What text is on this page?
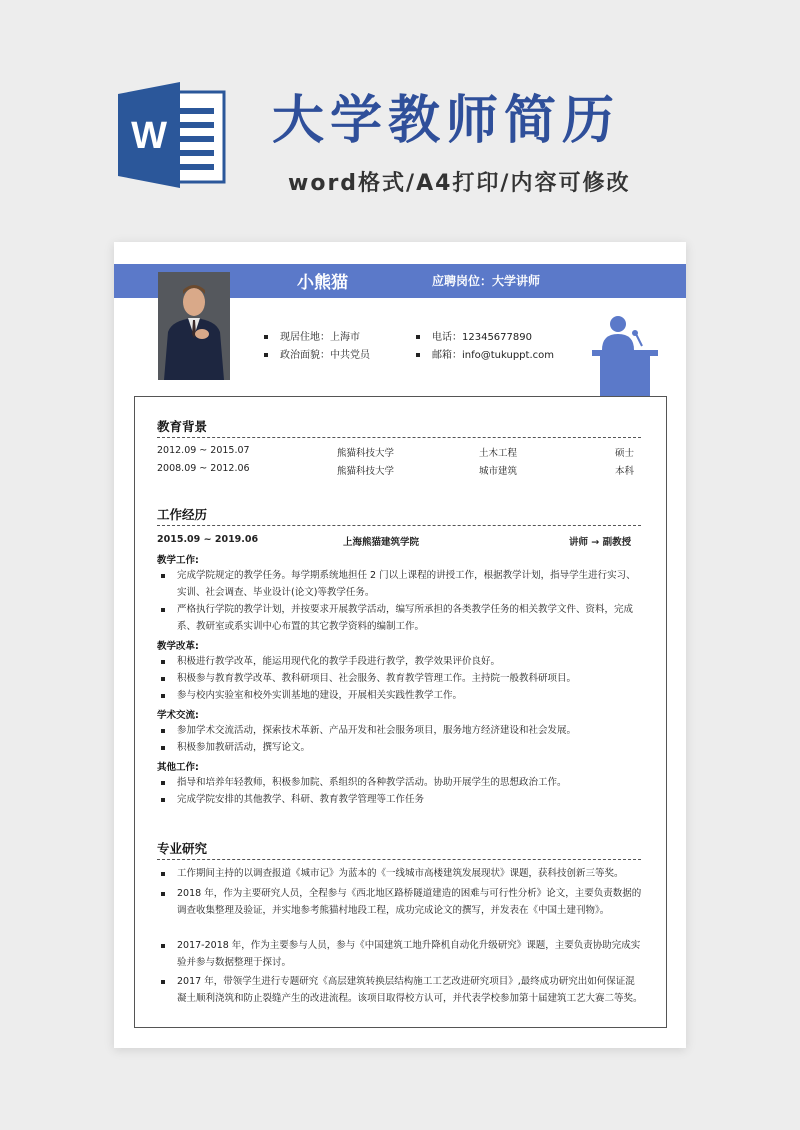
W 大学教师简历
word格式/A4打印/内容可修改
小熊猫	应聘岗位：大学讲师
现居住地：上海市
政治面貌：中共党员
电话：12345677890
邮箱：info@tukuppt.com
教育背景
2012.09 ~ 2015.07	熊猫科技大学	土木工程	硕士
2008.09 ~ 2012.06	熊猫科技大学	城市建筑	本科
工作经历
2015.09 ~ 2019.06	上海熊猫建筑学院	讲师 → 副教授
教学工作:
完成学院规定的教学任务。每学期系统地担任 2 门以上课程的讲授工作，根据教学计划，指导学生进行实习、实训、社会调查、毕业设计(论文)等教学任务。
严格执行学院的教学计划，并按要求开展教学活动，编写所承担的各类教学任务的相关教学文件、资料，完成系、教研室或系实训中心布置的其它教学资料的编制工作。
教学改革:
积极进行教学改革，能运用现代化的教学手段进行教学，教学效果评价良好。
积极参与教育教学改革、教科研项目、社会服务、教育教学管理工作。主持院一般教科研项目。
参与校内实验室和校外实训基地的建设，开展相关实践性教学工作。
学术交流:
参加学术交流活动，探索技术革新、产品开发和社会服务项目，服务地方经济建设和社会发展。
积极参加教研活动，撰写论文。
其他工作:
指导和培养年轻教师，积极参加院、系组织的各种教学活动。协助开展学生的思想政治工作。
完成学院安排的其他教学、科研、教育教学管理等工作任务
专业研究
工作期间主持的以调查报道《城市记》为蓝本的《一线城市高楼建筑发展现状》课题，获科技创新三等奖。
2018 年，作为主要研究人员，全程参与《西北地区路桥隧道建造的困难与可行性分析》论文，主要负责数据的调查收集整理及验证，并实地参考熊猫村地段工程，成功完成论文的撰写，并发表在《中国土建刊物》。
2017-2018 年，作为主要参与人员，参与《中国建筑工地升降机自动化升级研究》课题，主要负责协助完成实验并参与数据整理于探讨。
2017 年，带领学生进行专题研究《高层建筑转换层结构施工工艺改进研究项目》,最终成功研究出如何保证混凝土顺利浇筑和防止裂缝产生的改进流程。该项目取得校方认可，并代表学校参加第十届建筑工艺大赛二等奖。
